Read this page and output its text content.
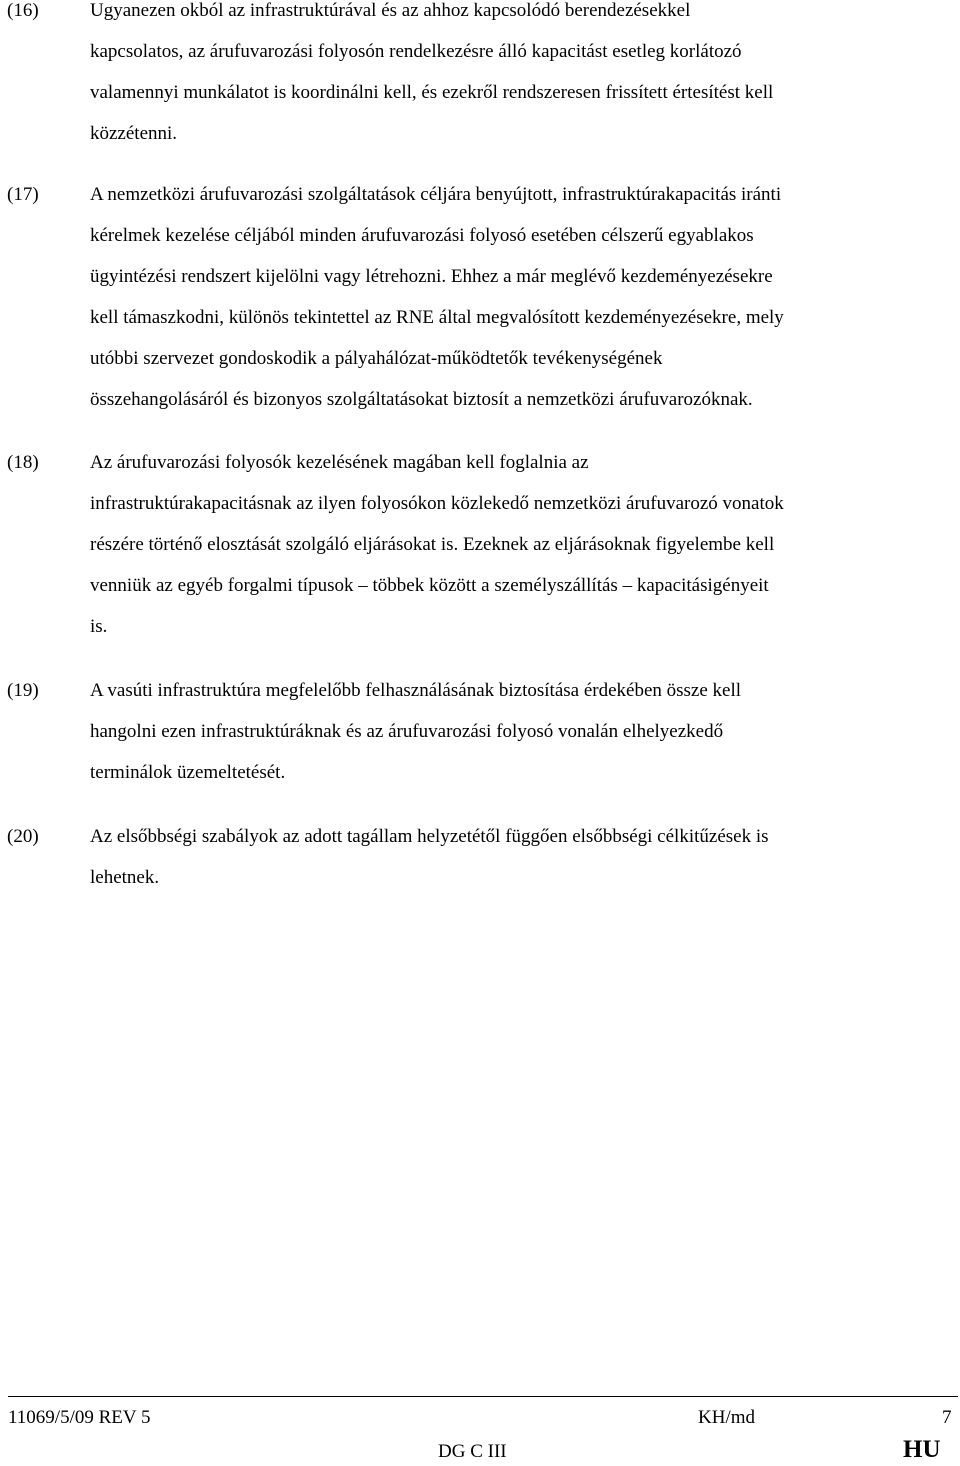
(16)	Ugyanezen okból az infrastruktúrával és az ahhoz kapcsolódó berendezésekkel
kapcsolatos, az árufuvarozási folyosón rendelkezésre álló kapacitást esetleg korlátozó
valamennyi munkálatot is koordinálni kell, és ezekről rendszeresen frissített értesítést kell
közzétenni.
(17)	A nemzetközi árufuvarozási szolgáltatások céljára benyújtott, infrastruktúrakapacitás iránti
kérelmek kezelése céljából minden árufuvarozási folyosó esetében célszerű egyablakos
ügyintézési rendszert kijelölni vagy létrehozni. Ehhez a már meglévő kezdeményezésekre
kell támaszkodni, különös tekintettel az RNE által megvalósított kezdeményezésekre, mely
utóbbi szervezet gondoskodik a pályahálózat-működtetők tevékenységének
összehangolásáról és bizonyos szolgáltatásokat biztosít a nemzetközi árufuvarozóknak.
(18)	Az árufuvarozási folyosók kezelésének magában kell foglalnia az
infrastruktúrakapacitásnak az ilyen folyosókon közlekedő nemzetközi árufuvarozó vonatok
részére történő elosztását szolgáló eljárásokat is. Ezeknek az eljárásoknak figyelembe kell
venniük az egyéb forgalmi típusok – többek között a személyszállítás – kapacitásigényeit
is.
(19)	A vasúti infrastruktúra megfelelőbb felhasználásának biztosítása érdekében össze kell
hangolni ezen infrastruktúráknak és az árufuvarozási folyosó vonalán elhelyezkedő
terminálok üzemeltetését.
(20)	Az elsőbbségi szabályok az adott tagállam helyzetétől függően elsőbbségi célkitűzések is
lehetnek.
11069/5/09 REV 5	KH/md	7
DG C III	HU
